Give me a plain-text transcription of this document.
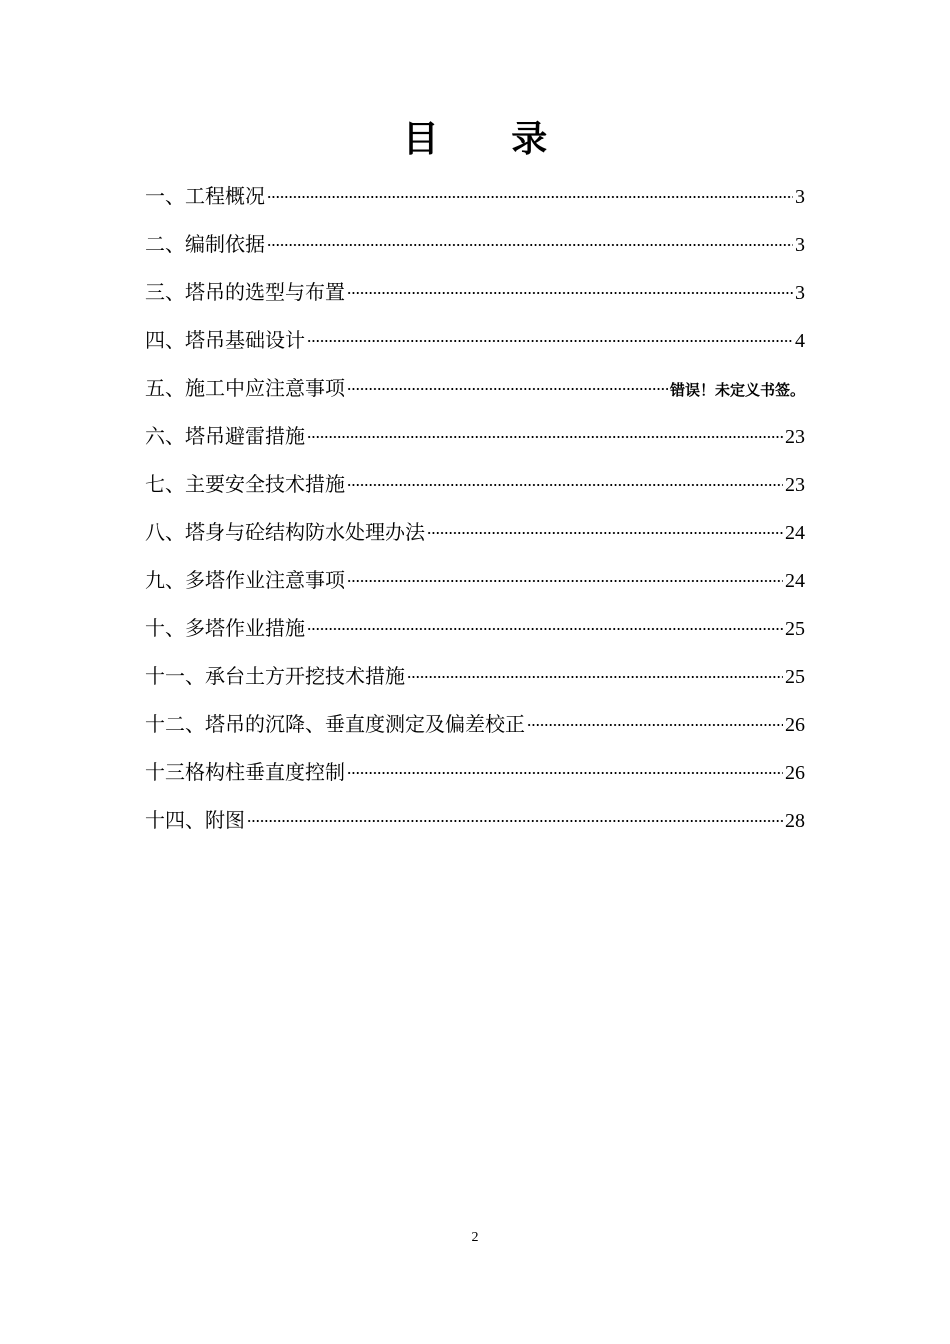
目 录
一、工程概况	3
二、编制依据	3
三、塔吊的选型与布置	3
四、塔吊基础设计	4
五、施工中应注意事项	错误！未定义书签。
六、塔吊避雷措施	23
七、主要安全技术措施	23
八、塔身与砼结构防水处理办法	24
九、多塔作业注意事项	24
十、多塔作业措施	25
十一、承台土方开挖技术措施	25
十二、塔吊的沉降、垂直度测定及偏差校正	26
十三格构柱垂直度控制	26
十四、附图	28
2
